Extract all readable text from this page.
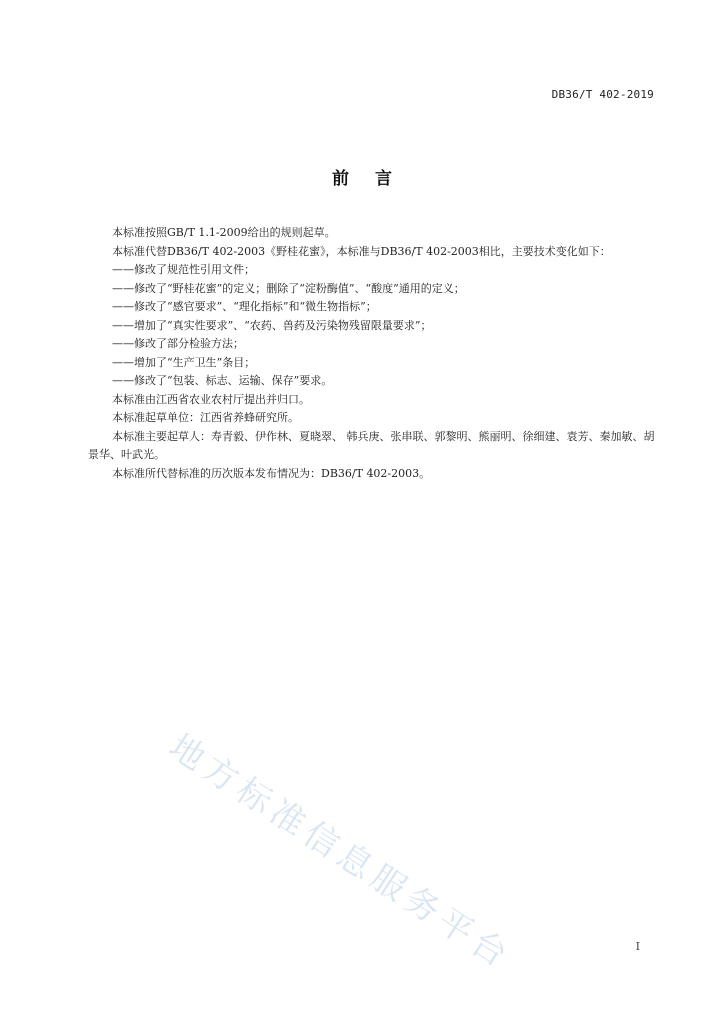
DB36/T 402-2019
前言

本标准按照GB/T 1.1-2009给出的规则起草。

本标准代替DB36/T 402-2003《野桂花蜜》，本标准与DB36/T 402-2003相比，主要技术变化如下：

——修改了规范性引用文件；

——修改了“野桂花蜜”的定义；删除了“淀粉酶值”、“酸度”通用的定义；

——修改了“感官要求”、“理化指标”和“微生物指标”；

——增加了“真实性要求”、“农药、兽药及污染物残留限量要求”；

——修改了部分检验方法；

——增加了“生产卫生”条目；

——修改了“包装、标志、运输、保存”要求。

本标准由江西省农业农村厅提出并归口。

本标准起草单位：江西省养蜂研究所。

本标准主要起草人：寿青毅、伊作林、夏晓翠、 韩兵庚、张串联、郭黎明、熊丽明、徐细建、袁芳、秦加敏、胡景华、叶武光。

本标准所代替标准的历次版本发布情况为：DB36/T 402-2003。

地方标准信息服务平台	I
